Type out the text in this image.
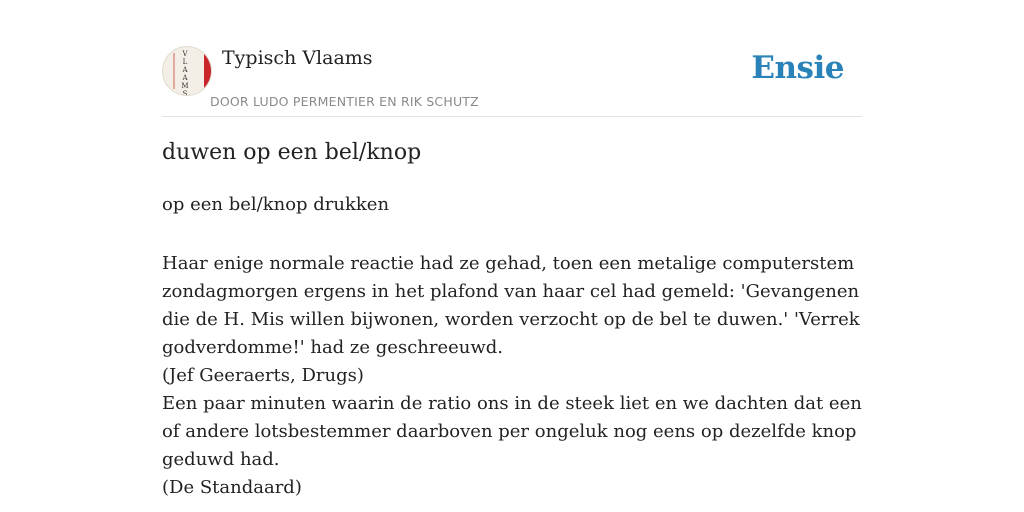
V
L
A
A
M
S
Typisch Vlaams
DOOR LUDO PERMENTIER EN RIK SCHUTZ
Ensie
duwen op een bel/knop

op een bel/knop drukken

Haar enige normale reactie had ze gehad, toen een metalige computerstem zondagmorgen ergens in het plafond van haar cel had gemeld: 'Gevangenen die de H. Mis willen bijwonen, worden verzocht op de bel te duwen.' 'Verrek godverdomme!' had ze geschreeuwd.

(Jef Geeraerts, Drugs)

Een paar minuten waarin de ratio ons in de steek liet en we dachten dat een of andere lotsbestemmer daarboven per ongeluk nog eens op dezelfde knop geduwd had.

(De Standaard)
